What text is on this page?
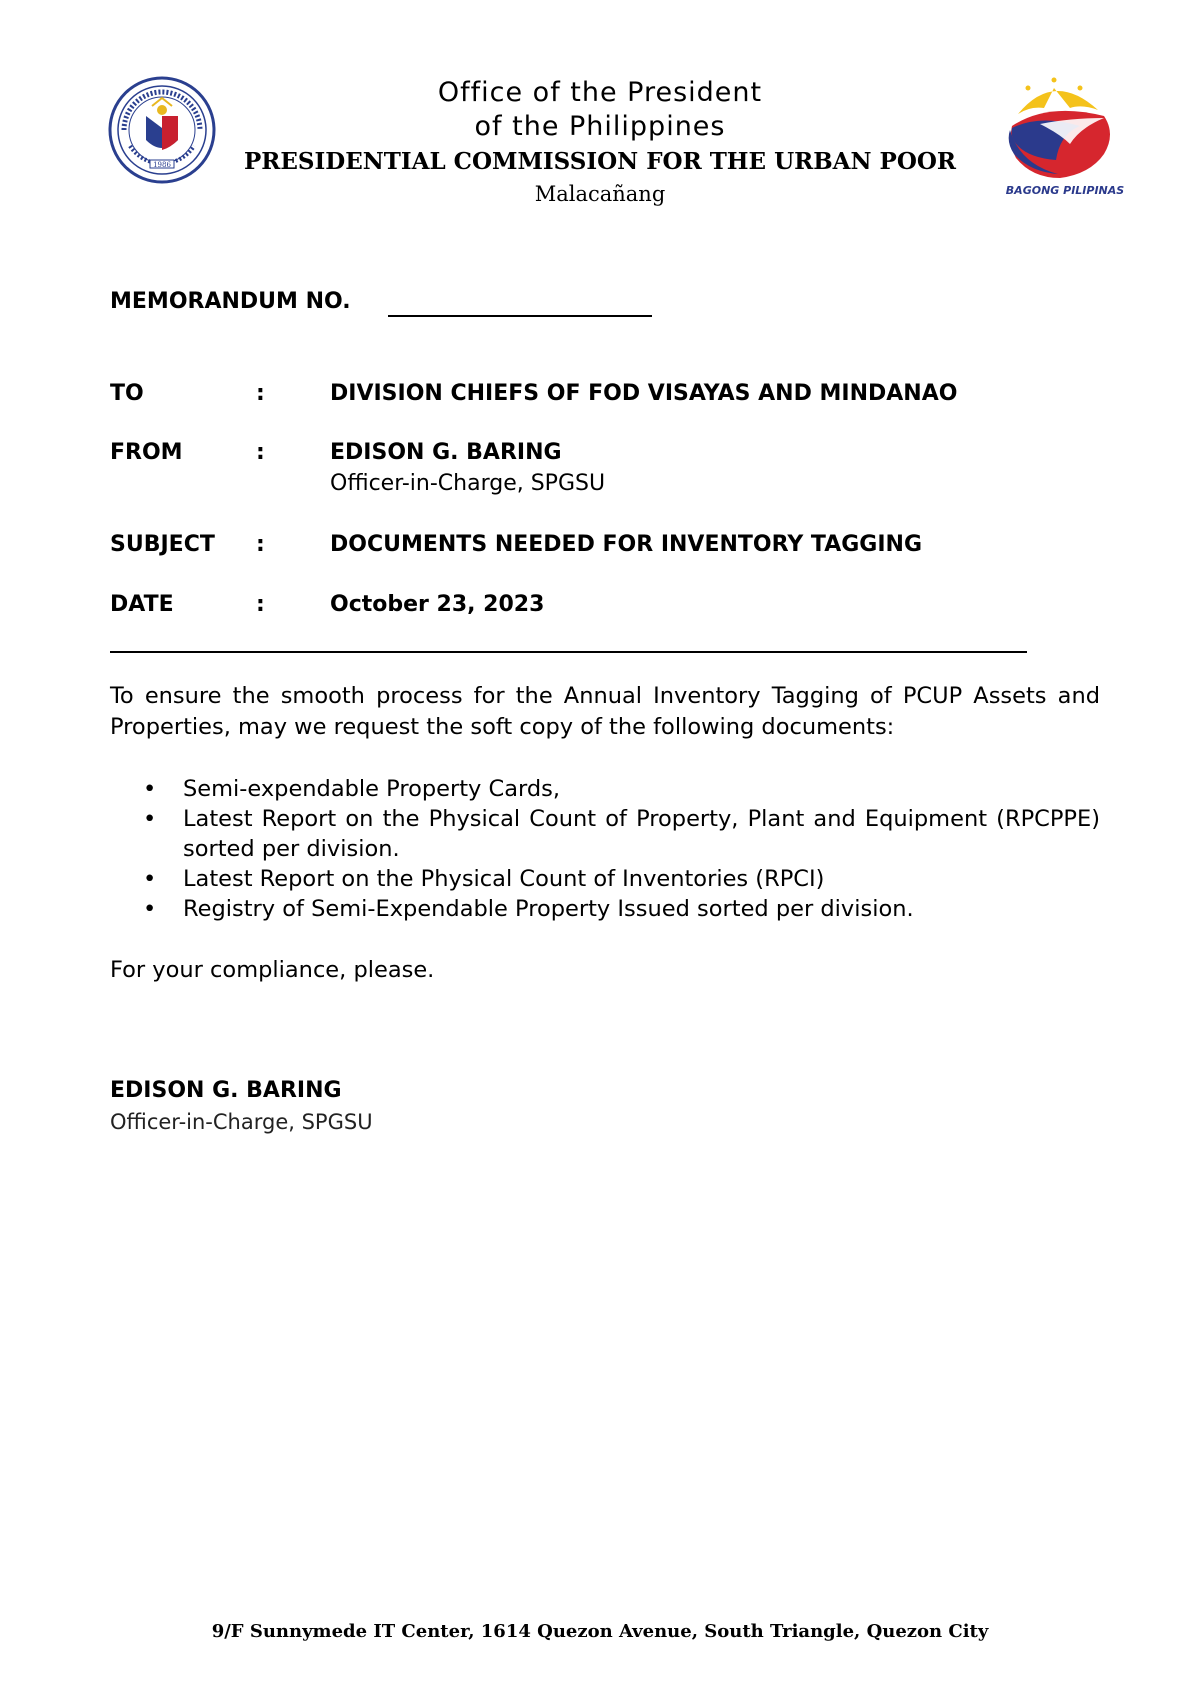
1986
BAGONG PILIPINAS
Office of the President
of the Philippines
PRESIDENTIAL COMMISSION FOR THE URBAN POOR
Malacañang
MEMORANDUM NO.
TO	:	DIVISION CHIEFS OF FOD VISAYAS AND MINDANAO
FROM	:	EDISON G. BARING
Officer-in-Charge, SPGSU
SUBJECT :	DOCUMENTS NEEDED FOR INVENTORY TAGGING
DATE	:	October 23, 2023
To ensure the smooth process for the Annual Inventory Tagging of PCUP Assets and Properties, may we request the soft copy of the following documents:
• Semi-expendable Property Cards,
• Latest Report on the Physical Count of Property, Plant and Equipment (RPCPPE) sorted per division.
• Latest Report on the Physical Count of Inventories (RPCI)
• Registry of Semi-Expendable Property Issued sorted per division.
For your compliance, please.
EDISON G. BARING
Officer-in-Charge, SPGSU
9/F Sunnymede IT Center, 1614 Quezon Avenue, South Triangle, Quezon City
